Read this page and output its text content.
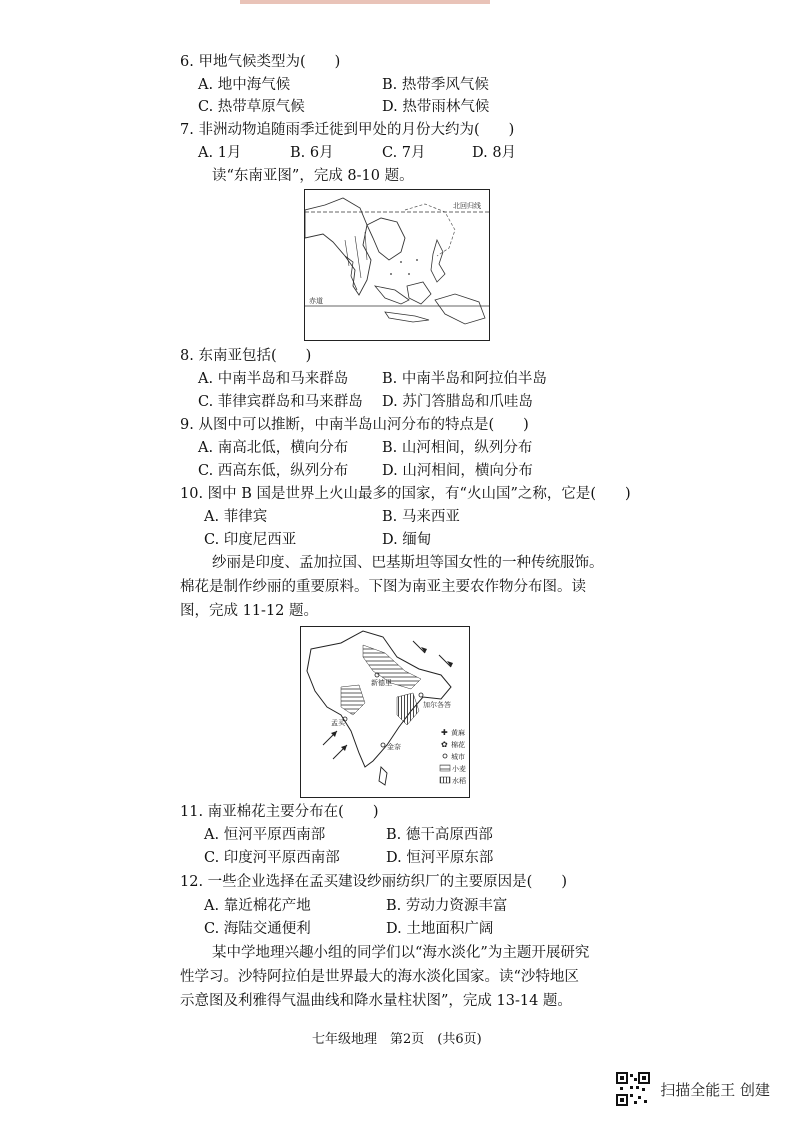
6. 甲地气候类型为(　　)
A. 地中海气候	B. 热带季风气候
C. 热带草原气候	D. 热带雨林气候
7. 非洲动物追随雨季迁徙到甲处的月份大约为(　　)
A. 1月	B. 6月	C. 7月	D. 8月
读“东南亚图”，完成 8-10 题。
北回归线
赤道
8. 东南亚包括(　　)
A. 中南半岛和马来群岛 B. 中南半岛和阿拉伯半岛
C. 菲律宾群岛和马来群岛 D. 苏门答腊岛和爪哇岛
9. 从图中可以推断，中南半岛山河分布的特点是(　　)
A. 南高北低，横向分布 B. 山河相间，纵列分布
C. 西高东低，纵列分布 D. 山河相间，横向分布
10. 图中 B 国是世界上火山最多的国家，有“火山国”之称，它是(　　)
A. 菲律宾	B. 马来西亚
C. 印度尼西亚	D. 缅甸
纱丽是印度、孟加拉国、巴基斯坦等国女性的一种传统服饰。
棉花是制作纱丽的重要原料。下图为南亚主要农作物分布图。读
图，完成 11-12 题。
新德里
加尔各答
孟买
金奈
✚ 黄麻
✿ 棉花
城市
小麦
水稻
11. 南亚棉花主要分布在(　　)
A. 恒河平原西南部	B. 德干高原西部
C. 印度河平原西南部	D. 恒河平原东部
12. 一些企业选择在孟买建设纱丽纺织厂的主要原因是(　　)
A. 靠近棉花产地	B. 劳动力资源丰富
C. 海陆交通便利	D. 土地面积广阔
某中学地理兴趣小组的同学们以“海水淡化”为主题开展研究
性学习。沙特阿拉伯是世界最大的海水淡化国家。读“沙特地区
示意图及利雅得气温曲线和降水量柱状图”，完成 13-14 题。
七年级地理　第2页　(共6页)
扫描全能王 创建
